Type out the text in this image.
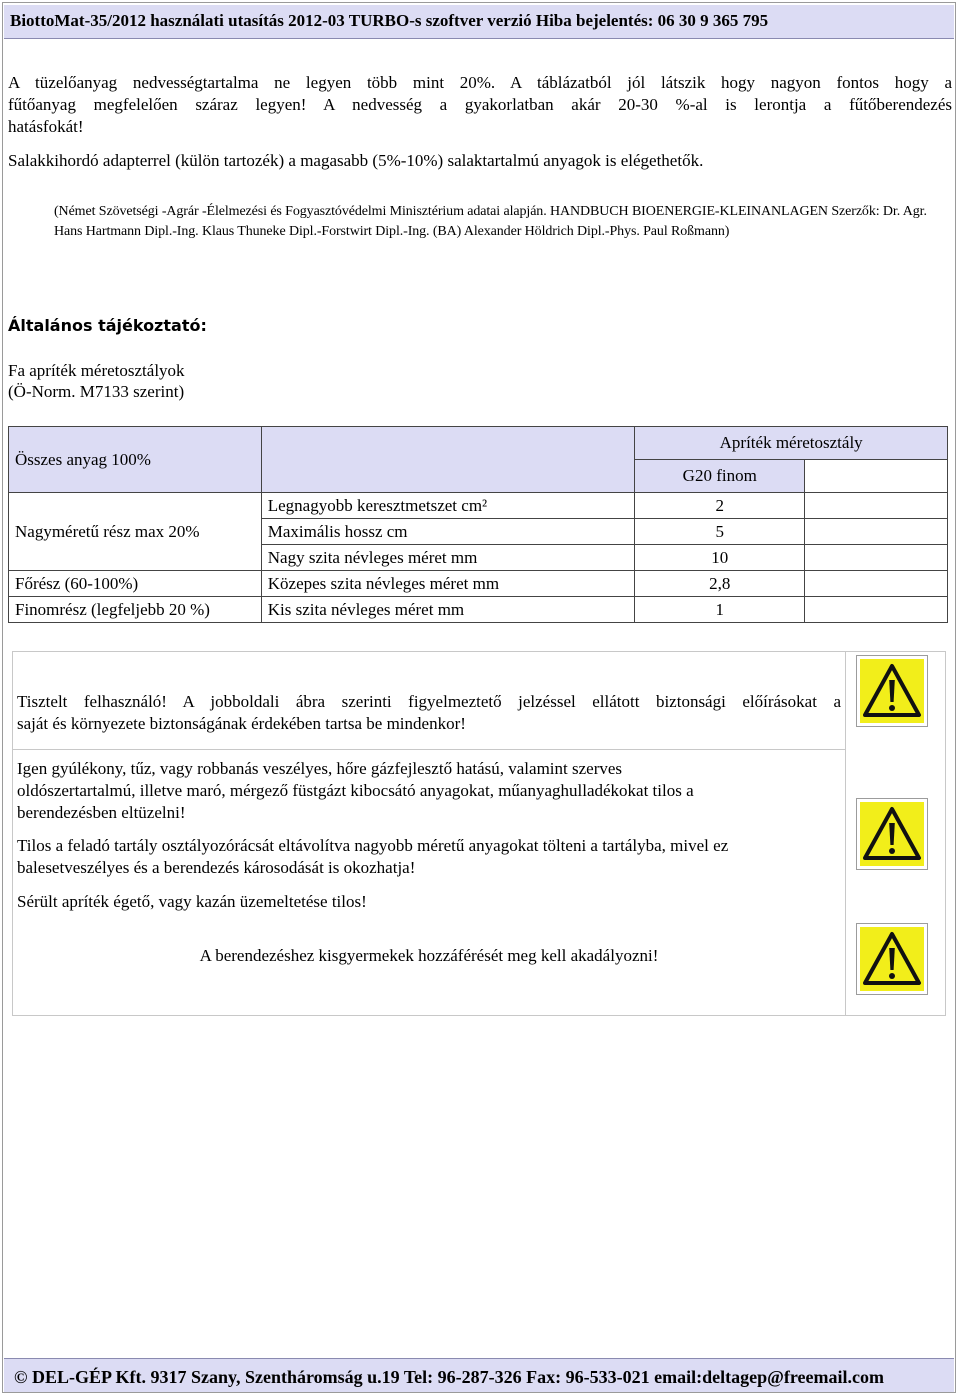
BiottoMat-35/2012 használati utasítás 2012-03 TURBO-s szoftver verzió Hiba bejelentés: 06 30 9 365 795
A tüzelőanyag nedvességtartalma ne legyen több mint 20%. A táblázatból jól látszik hogy nagyon fontos hogy a
fűtőanyag megfelelően száraz legyen! A nedvesség a gyakorlatban akár 20-30 %-al is lerontja a fűtőberendezés
hatásfokát!
Salakkihordó adapterrel (külön tartozék) a magasabb (5%-10%) salaktartalmú anyagok is elégethetők.
(Német Szövetségi -Agrár -Élelmezési és Fogyasztóvédelmi Minisztérium adatai alapján. HANDBUCH BIOENERGIE-KLEINANLAGEN Szerzők: Dr. Agr. Hans Hartmann Dipl.-Ing. Klaus Thuneke Dipl.-Forstwirt Dipl.-Ing. (BA) Alexander Höldrich Dipl.-Phys. Paul Roßmann)
Általános tájékoztató:
Fa apríték méretosztályok
(Ö-Norm. M7133 szerint)
Összes anyag 100%		Apríték méretosztály	
		G20 finom	
Nagyméretű rész max 20%	Legnagyobb keresztmetszet cm²	2	
	Maximális hossz cm	5	
	Nagy szita névleges méret mm	10	
Főrész (60-100%)	Közepes szita névleges méret mm	2,8	
Finomrész (legfeljebb 20 %)	Kis szita névleges méret mm	1	
Tisztelt felhasználó! A jobboldali ábra szerinti figyelmeztető jelzéssel ellátott biztonsági előírásokat a
saját és környezete biztonságának érdekében tartsa be mindenkor!
Igen gyúlékony, tűz, vagy robbanás veszélyes, hőre gázfejlesztő hatású, valamint szerves
oldószertartalmú, illetve maró, mérgező füstgázt kibocsátó anyagokat, műanyaghulladékokat tilos a
berendezésben eltüzelni!
Tilos a feladó tartály osztályozórácsát eltávolítva nagyobb méretű anyagokat tölteni a tartályba, mivel ez
balesetveszélyes és a berendezés károsodását is okozhatja!
Sérült apríték égető, vagy kazán üzemeltetése tilos!
A berendezéshez kisgyermekek hozzáférését meg kell akadályozni!
© DEL-GÉP Kft. 9317 Szany, Szentháromság u.19 Tel: 96-287-326 Fax: 96-533-021 email:deltagep@freemail.com
